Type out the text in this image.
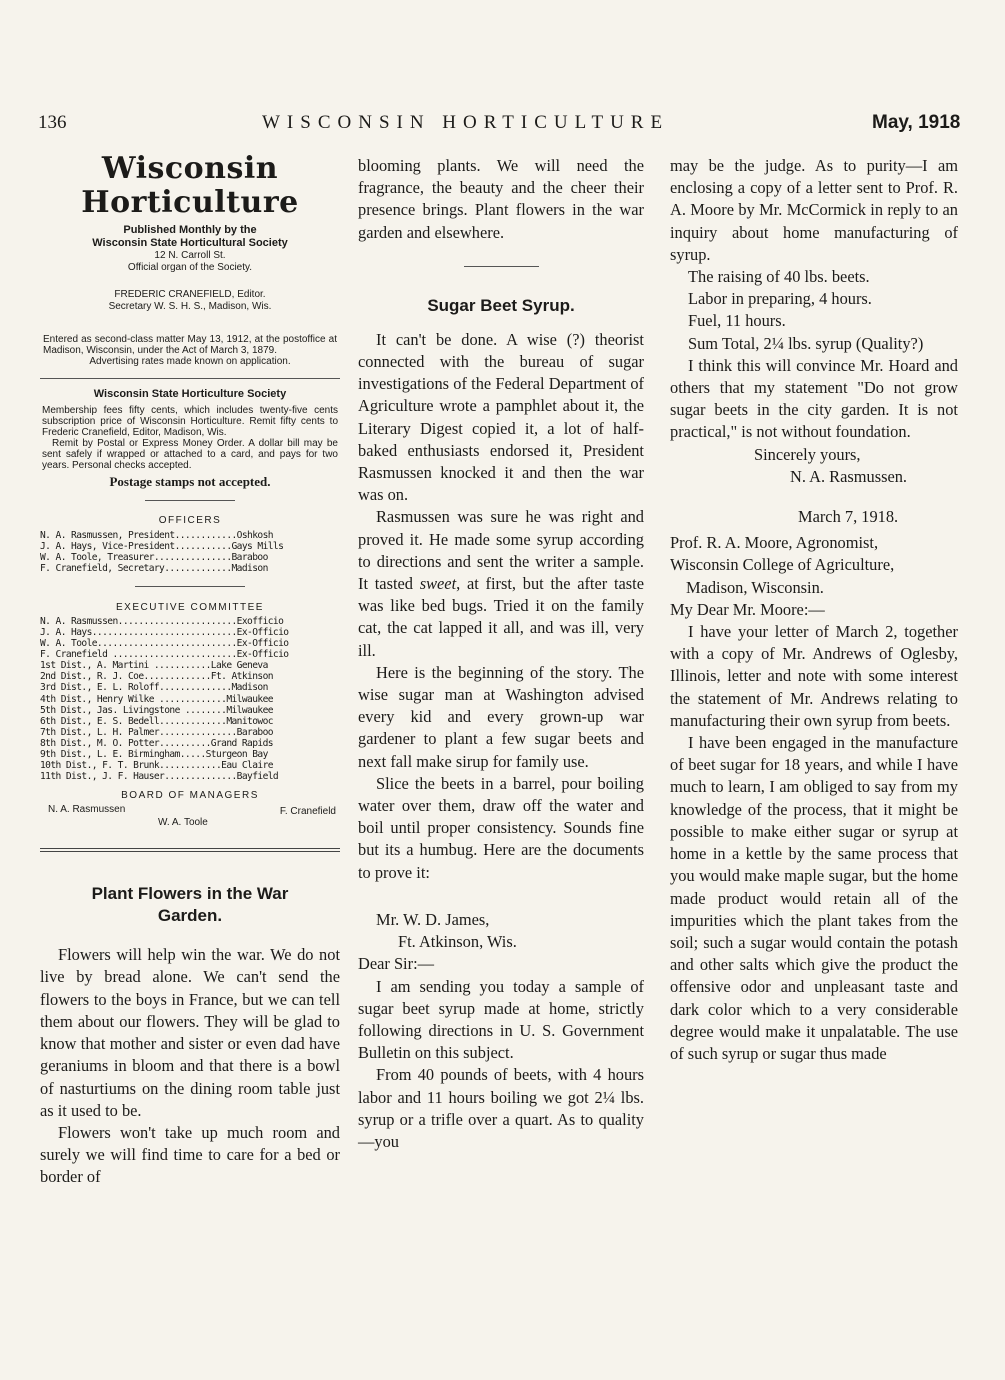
136	WISCONSIN HORTICULTURE	May, 1918
Wisconsin Horticulture
Published Monthly by the
Wisconsin State Horticultural Society
12 N. Carroll St.
Official organ of the Society.
FREDERIC CRANEFIELD, Editor.
Secretary W. S. H. S., Madison, Wis.
Entered as second-class matter May 13, 1912, at the postoffice at Madison, Wisconsin, under the Act of March 3, 1879.
Advertising rates made known on application.
Wisconsin State Horticulture Society
Membership fees fifty cents, which includes twenty-five cents subscription price of Wisconsin Horticulture. Remit fifty cents to Frederic Cranefield, Editor, Madison, Wis.
Remit by Postal or Express Money Order. A dollar bill may be sent safely if wrapped or attached to a card, and pays for two years. Personal checks accepted.
Postage stamps not accepted.
OFFICERS
N. A. Rasmussen, President............Oshkosh
J. A. Hays, Vice-President...........Gays Mills
W. A. Toole, Treasurer...............Baraboo
F. Cranefield, Secretary.............Madison
EXECUTIVE COMMITTEE
N. A. Rasmussen.......................Exofficio
J. A. Hays............................Ex-Officio
W. A. Toole...........................Ex-Officio
F. Cranefield ........................Ex-Officio
1st Dist., A. Martini ...........Lake Geneva
2nd Dist., R. J. Coe.............Ft. Atkinson
3rd Dist., E. L. Roloff..............Madison
4th Dist., Henry Wilke .............Milwaukee
5th Dist., Jas. Livingstone ........Milwaukee
6th Dist., E. S. Bedell.............Manitowoc
7th Dist., L. H. Palmer...............Baraboo
8th Dist., M. O. Potter..........Grand Rapids
9th Dist., L. E. Birmingham.....Sturgeon Bay
10th Dist., F. T. Brunk............Eau Claire
11th Dist., J. F. Hauser..............Bayfield
BOARD OF MANAGERS
N. A. Rasmussen	F. Cranefield
W. A. Toole
Plant Flowers in the War
Garden.

Flowers will help win the war. We do not live by bread alone. We can't send the flowers to the boys in France, but we can tell them about our flowers. They will be glad to know that mother and sister or even dad have geraniums in bloom and that there is a bowl of nasturtiums on the dining room table just as it used to be.

Flowers won't take up much room and surely we will find time to care for a bed or border of

blooming plants. We will need the fragrance, the beauty and the cheer their presence brings. Plant flowers in the war garden and elsewhere.

Sugar Beet Syrup.

It can't be done. A wise (?) theorist connected with the bureau of sugar investigations of the Federal Department of Agriculture wrote a pamphlet about it, the Literary Digest copied it, a lot of half-baked enthusiasts endorsed it, President Rasmussen knocked it and then the war was on.

Rasmussen was sure he was right and proved it. He made some syrup according to directions and sent the writer a sample. It tasted sweet, at first, but the after taste was like bed bugs. Tried it on the family cat, the cat lapped it all, and was ill, very ill.

Here is the beginning of the story. The wise sugar man at Washington advised every kid and every grown-up war gardener to plant a few sugar beets and next fall make sirup for family use.

Slice the beets in a barrel, pour boiling water over them, draw off the water and boil until proper consistency. Sounds fine but its a humbug. Here are the documents to prove it:

Mr. W. D. James,

Ft. Atkinson, Wis.

Dear Sir:—

I am sending you today a sample of sugar beet syrup made at home, strictly following directions in U. S. Government Bulletin on this subject.

From 40 pounds of beets, with 4 hours labor and 11 hours boiling we got 2¼ lbs. syrup or a trifle over a quart. As to quality—you

may be the judge. As to purity—I am enclosing a copy of a letter sent to Prof. R. A. Moore by Mr. McCormick in reply to an inquiry about home manufacturing of syrup.

The raising of 40 lbs. beets.

Labor in preparing, 4 hours.

Fuel, 11 hours.

Sum Total, 2¼ lbs. syrup (Quality?)

I think this will convince Mr. Hoard and others that my statement "Do not grow sugar beets in the city garden. It is not practical," is not without foundation.

Sincerely yours,

N. A. Rasmussen.

March 7, 1918.

Prof. R. A. Moore, Agronomist,

Wisconsin College of Agriculture,

Madison, Wisconsin.

My Dear Mr. Moore:—

I have your letter of March 2, together with a copy of Mr. Andrews of Oglesby, Illinois, letter and note with some interest the statement of Mr. Andrews relating to manufacturing their own syrup from beets.

I have been engaged in the manufacture of beet sugar for 18 years, and while I have much to learn, I am obliged to say from my knowledge of the process, that it might be possible to make either sugar or syrup at home in a kettle by the same process that you would make maple sugar, but the home made product would retain all of the impurities which the plant takes from the soil; such a sugar would contain the potash and other salts which give the product the offensive odor and unpleasant taste and dark color which to a very considerable degree would make it unpalatable. The use of such syrup or sugar thus made
